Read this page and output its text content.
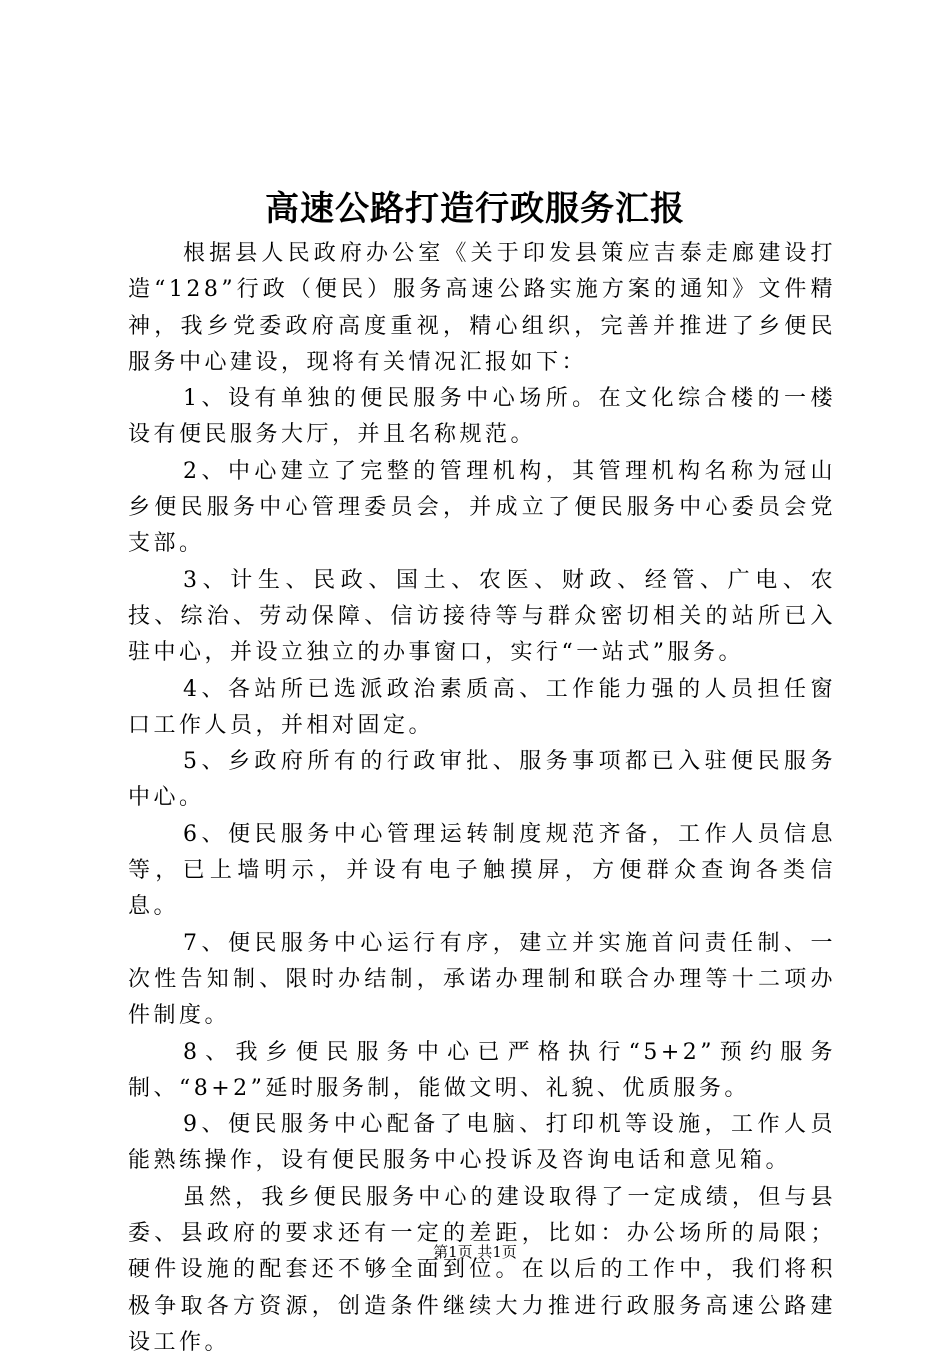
高速公路打造行政服务汇报

根据县人民政府办公室《关于印发县策应吉泰走廊建设打造“128”行政（便民）服务高速公路实施方案的通知》文件精神，我乡党委政府高度重视，精心组织，完善并推进了乡便民服务中心建设，现将有关情况汇报如下：

1、设有单独的便民服务中心场所。在文化综合楼的一楼设有便民服务大厅，并且名称规范。

2、中心建立了完整的管理机构，其管理机构名称为冠山乡便民服务中心管理委员会，并成立了便民服务中心委员会党支部。

3、计生、民政、国土、农医、财政、经管、广电、农技、综治、劳动保障、信访接待等与群众密切相关的站所已入驻中心，并设立独立的办事窗口，实行“一站式”服务。

4、各站所已选派政治素质高、工作能力强的人员担任窗口工作人员，并相对固定。

5、乡政府所有的行政审批、服务事项都已入驻便民服务中心。

6、便民服务中心管理运转制度规范齐备，工作人员信息等，已上墙明示，并设有电子触摸屏，方便群众查询各类信息。

7、便民服务中心运行有序，建立并实施首问责任制、一次性告知制、限时办结制，承诺办理制和联合办理等十二项办件制度。

8、我乡便民服务中心已严格执行“5+2”预约服务制、“8+2”延时服务制，能做文明、礼貌、优质服务。

9、便民服务中心配备了电脑、打印机等设施，工作人员能熟练操作，设有便民服务中心投诉及咨询电话和意见箱。

虽然，我乡便民服务中心的建设取得了一定成绩，但与县委、县政府的要求还有一定的差距，比如：办公场所的局限；硬件设施的配套还不够全面到位。在以后的工作中，我们将积极争取各方资源，创造条件继续大力推进行政服务高速公路建设工作。

第1页 共1页
